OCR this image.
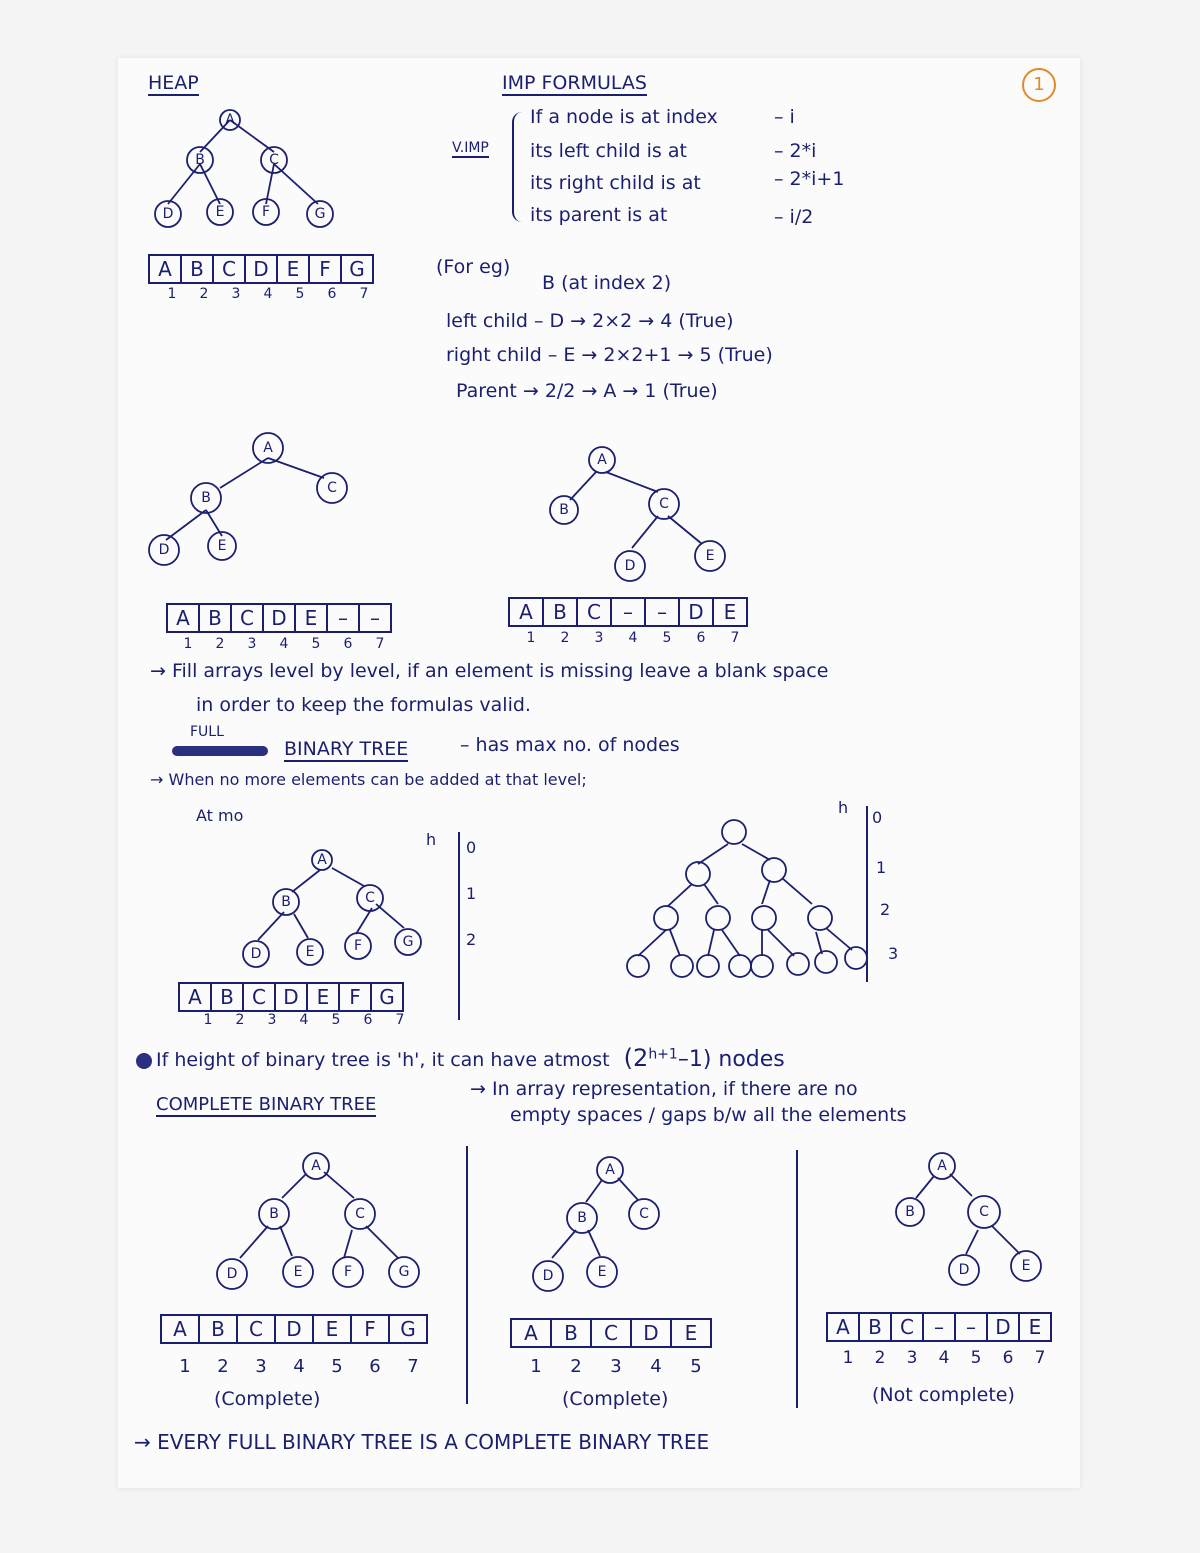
1
HEAP
A
B	C
D	E	F	G
A B C D E F G
1	2	3	4	5	6	7
IMP FORMULAS
V.IMP
If a node is at index	– i
its left child is at	– 2*i
its right child is at	– 2*i+1
its parent is at	– i/2
(For eg)
B (at index 2)
left child – D → 2×2 → 4 (True)
right child – E → 2×2+1 → 5 (True)
Parent → 2/2 → A → 1 (True)
A
B
C
D	E
A
B	C
D
E
A B C D E	–	–
1	2	3	4	5	6	7
A	B	C	–	–	D E
1	2	3	4	5	6	7
→ Fill arrays level by level, if an element is missing leave a blank space
in order to keep the formulas valid.
FULL
BINARY TREE	– has max no. of nodes
→ When no more elements can be added at that level;
At mo
A
B	C
D	E	F	G
h 0
1
2
A B C D E F G
1	2	3	4	5	6	7
h
0
1
2
3
If height of binary tree is 'h', it can have atmost $(2^{h+1}-1)$ nodes
COMPLETE BINARY TREE
→ In array representation, if there are no
empty spaces / gaps b/w all the elements
A
B	C
D	E	F	G
A	B	C	D	E	F	G
1	2	3	4	5	6	7
(Complete)
A
B	C
D	E
A	B	C	D	E
1	2	3	4	5
(Complete)
A
B	C
D	E
A B C	–	– D E
1	2	3	4	5	6	7
(Not complete)
→ EVERY FULL BINARY TREE IS A COMPLETE BINARY TREE
